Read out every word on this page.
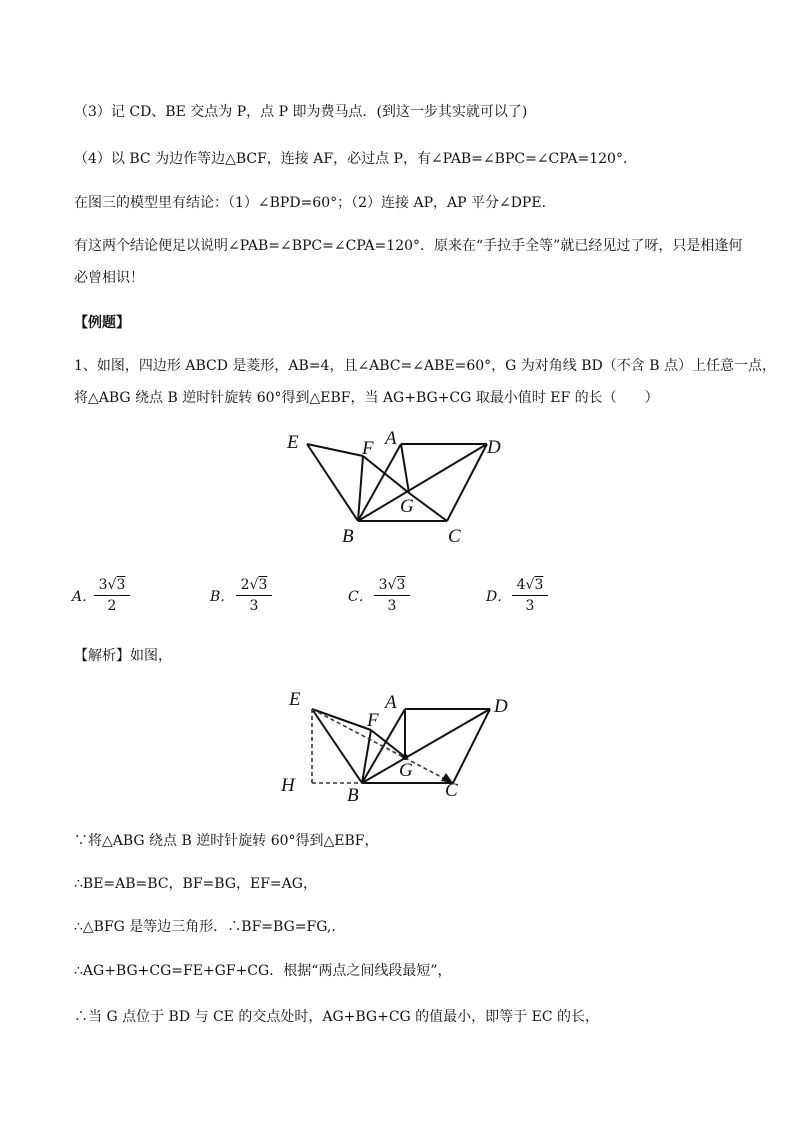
（3）记 CD、BE 交点为 P，点 P 即为费马点．(到这一步其实就可以了)
（4）以 BC 为边作等边△BCF，连接 AF，必过点 P，有∠PAB=∠BPC=∠CPA=120°．
在图三的模型里有结论：（1）∠BPD=60°；（2）连接 AP，AP 平分∠DPE．
有这两个结论便足以说明∠PAB=∠BPC=∠CPA=120°．原来在“手拉手全等”就已经见过了呀，只是相逢何
必曾相识！
【例题】
1、如图，四边形 ABCD 是菱形，AB=4，且∠ABC=∠ABE=60°，G 为对角线 BD（不含 B 点）上任意一点，
将△ABG 绕点 B 逆时针旋转 60°得到△EBF，当 AG+BG+CG 取最小值时 EF 的长（　　）
E	F A	D
G
B	C
A．
3√3
2
B．
2√3
3
C．
3√3
3
D．
4√3
3
【解析】如图，
E
F
A	D
G
H	B	C
∵将△ABG 绕点 B 逆时针旋转 60°得到△EBF，
∴BE=AB=BC，BF=BG，EF=AG，
∴△BFG 是等边三角形．∴BF=BG=FG,．
∴AG+BG+CG=FE+GF+CG．根据“两点之间线段最短”，
∴当 G 点位于 BD 与 CE 的交点处时，AG+BG+CG 的值最小，即等于 EC 的长，
